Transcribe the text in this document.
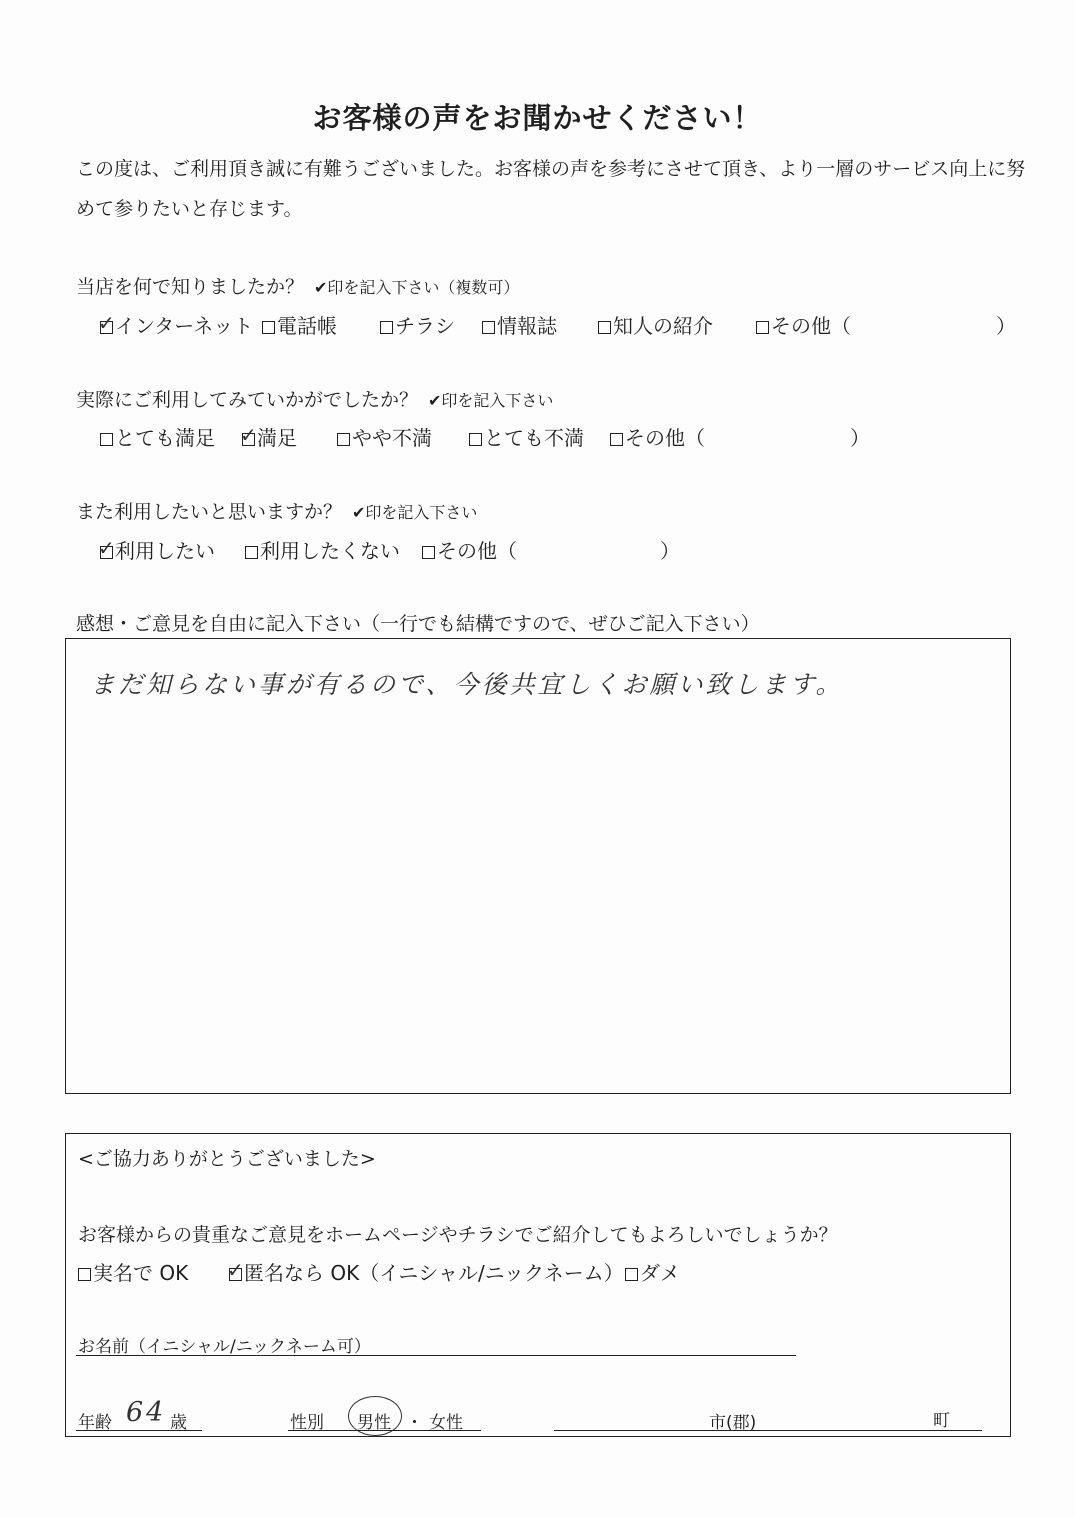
お客様の声をお聞かせください！
この度は、ご利用頂き誠に有難うございました。お客様の声を参考にさせて頂き、より一層のサービス向上に努
めて参りたいと存じます。
当店を何で知りましたか？ ✔印を記入下さい（複数可）
✓ インターネット	電話帳	チラシ	情報誌	知人の紹介	その他（	）
実際にご利用してみていかがでしたか？ ✔印を記入下さい
とても満足 ✓ 満足	やや不満	とても不満	その他（	）
また利用したいと思いますか？ ✔印を記入下さい
✓ 利用したい	利用したくない	その他（	）
感想・ご意見を自由に記入下さい（一行でも結構ですので、ぜひご記入下さい）
まだ知らない事が有るので、今後共宜しくお願い致します。
<ご協力ありがとうございました>
お客様からの貴重なご意見をホームページやチラシでご紹介してもよろしいでしょうか？
実名で OK ✓ 匿名なら OK（イニシャル/ニックネーム） ダメ
お名前（イニシャル/ニックネーム可）
年齢 64 歳	性別 男性 ・ 女性	市(郡)	町
